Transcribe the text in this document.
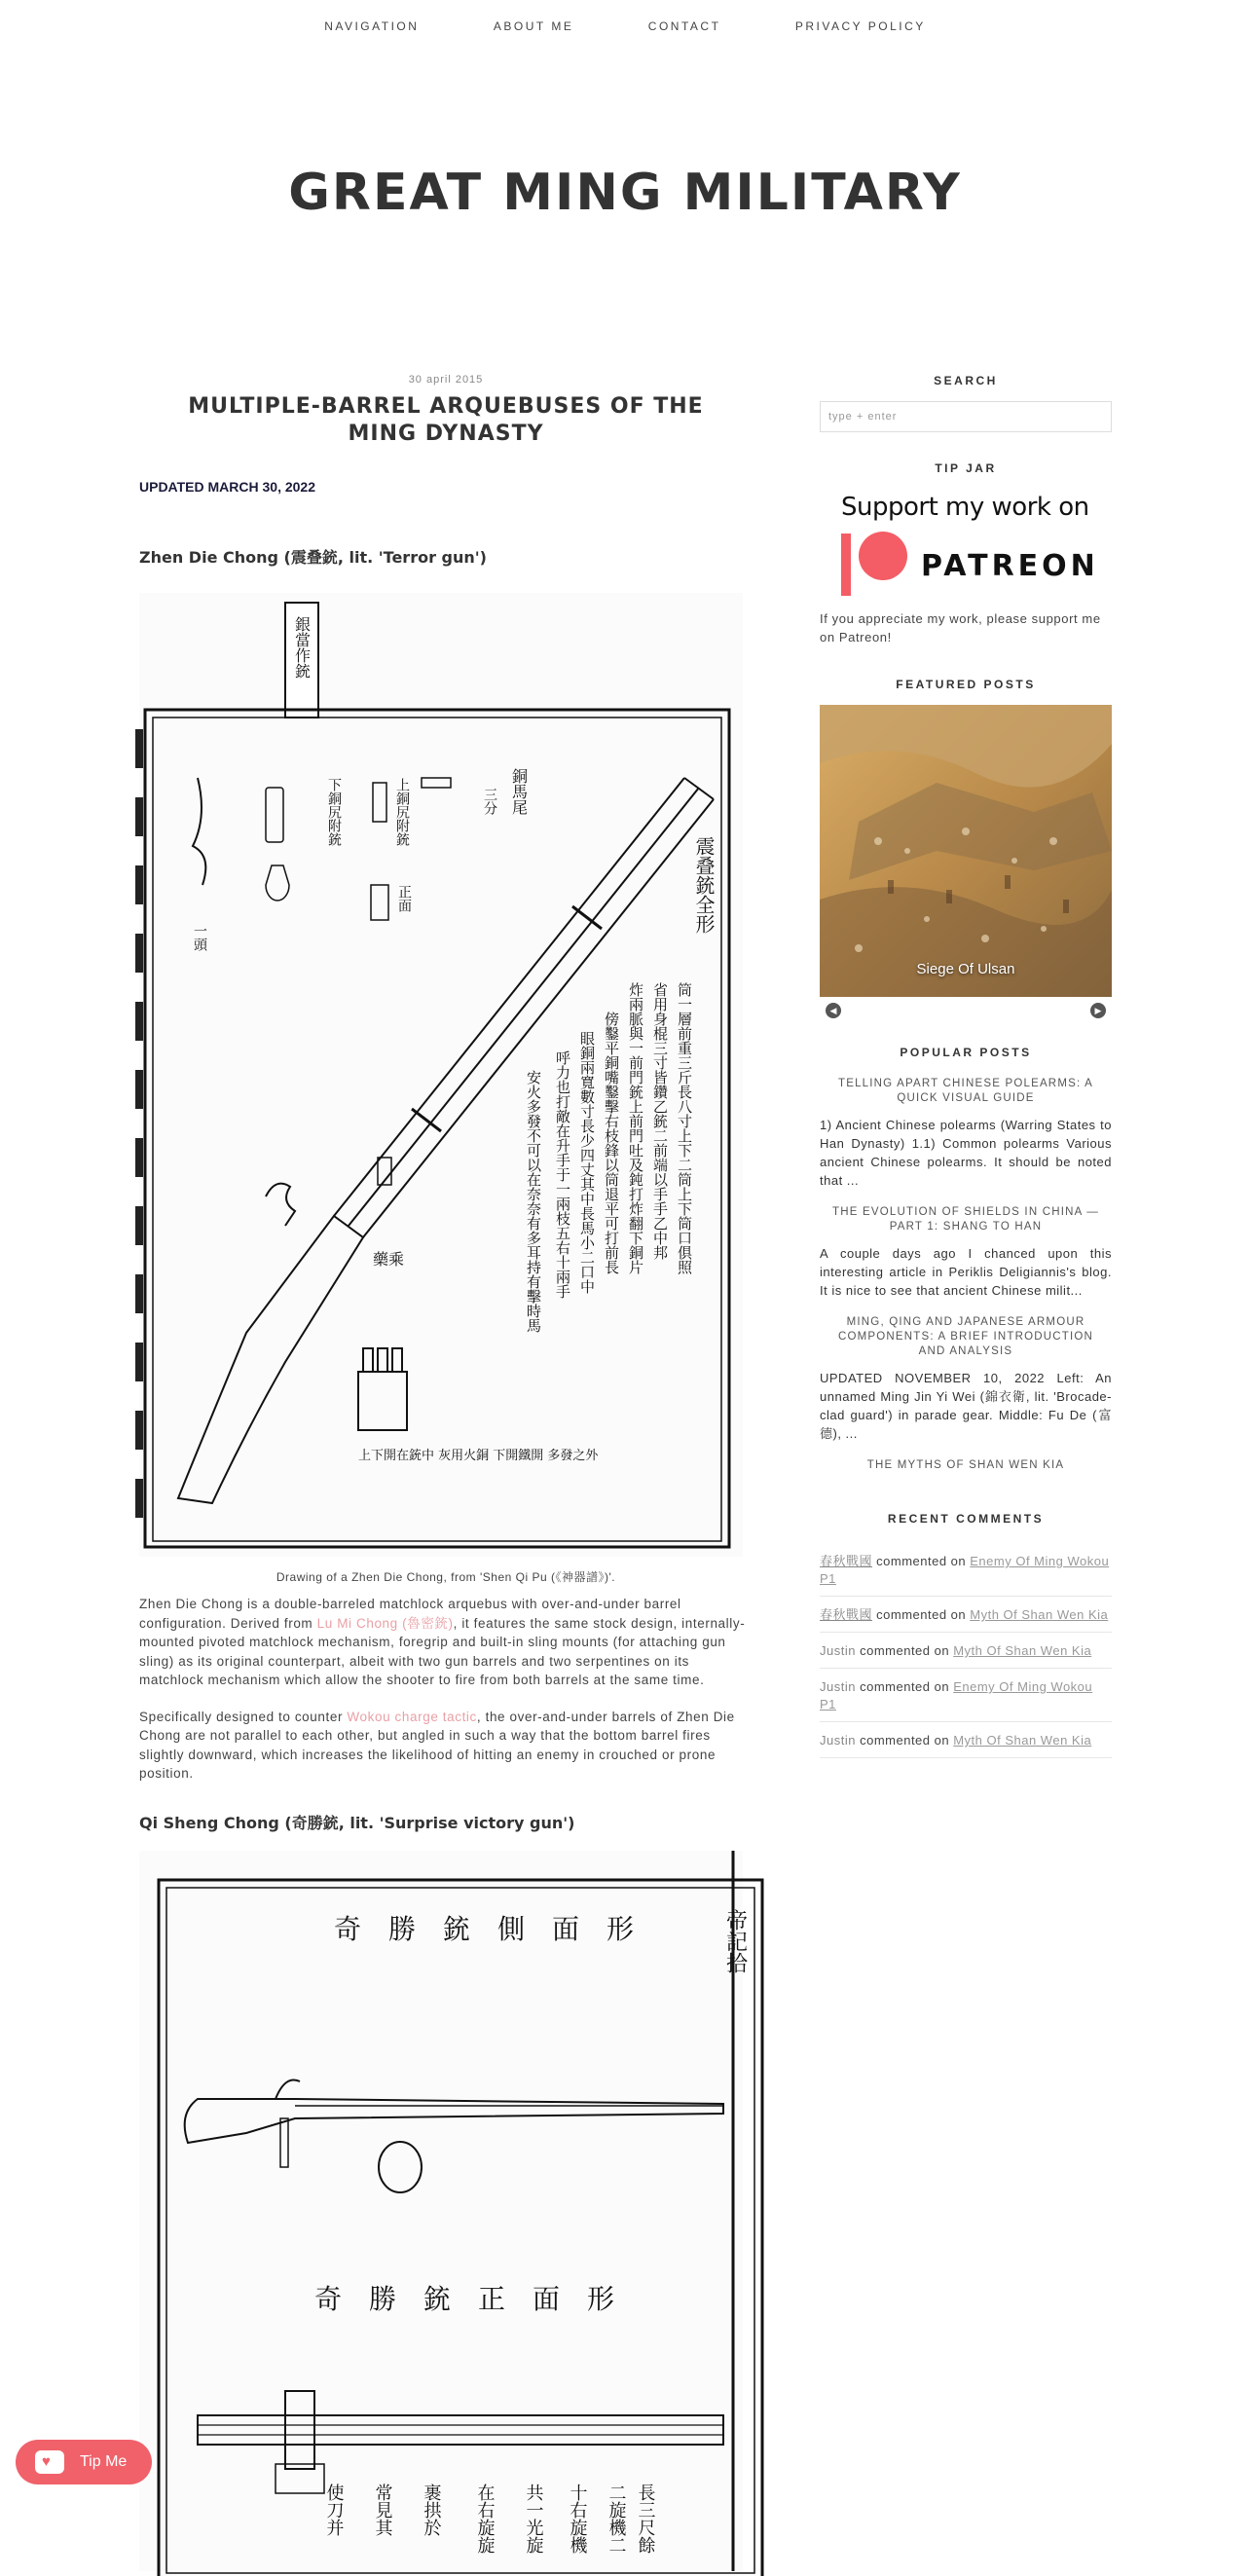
NAVIGATION	ABOUT ME	CONTACT	PRIVACY POLICY
GREAT MING MILITARY
30 april 2015
MULTIPLE-BARREL ARQUEBUSES OF THE MING DYNASTY
UPDATED MARCH 30, 2022
Zhen Die Chong (震叠銃, lit. 'Terror gun')
銀當作銃
震叠銃全形
銅馬尾
三分
上銅尻附銃
正面
下銅尻附銃
一頭
藥乘	筒一層前重三斤長八寸上下二筒上下筒口俱照
省用身棍三寸皆鑽乙銃二前端以手手乙中邦
炸兩脈與一前門銃上前門吐及鈍打炸翻下銅片
傍鑿平銅嘴鑿擊右枝鋒以筒退平可打前長
眼銅兩寬數寸長少四丈其中長馬小二口中
呼力也打敵在升手于一兩枝五右十兩手
安火多發不可以在奈奈有多耳持有擊時馬
上下開在銃中 灰用火銅 下開鐵開 多發之外
Drawing of a Zhen Die Chong, from 'Shen Qi Pu (《神器譜》)'.

Zhen Die Chong is a double-barreled matchlock arquebus with over-and-under barrel configuration. Derived from Lu Mi Chong (魯密銃), it features the same stock design, internally-mounted pivoted matchlock mechanism, foregrip and built-in sling mounts (for attaching gun sling) as its original counterpart, albeit with two gun barrels and two serpentines on its matchlock mechanism which allow the shooter to fire from both barrels at the same time.

Specifically designed to counter Wokou charge tactic, the over-and-under barrels of Zhen Die Chong are not parallel to each other, but angled in such a way that the bottom barrel fires slightly downward, which increases the likelihood of hitting an enemy in crouched or prone position.

Qi Sheng Chong (奇勝銃, lit. 'Surprise victory gun')
奇勝銃側面形
奇勝銃正面形
帝記拾
長三尺餘
二旋機二
十右旋機
共一光旋
在右旋旋
裹拱於
常見其
使刀并
SEARCH
type + enter
TIP JAR
Support my work on
PATREON
If you appreciate my work, please support me on Patreon!
FEATURED POSTS
Siege Of Ulsan
◀	▶
POPULAR POSTS
TELLING APART CHINESE POLEARMS: A QUICK VISUAL GUIDE
1) Ancient Chinese polearms (Warring States to Han Dynasty) 1.1) Common polearms Various ancient Chinese polearms. It should be noted that ...
THE EVOLUTION OF SHIELDS IN CHINA — PART 1: SHANG TO HAN
A couple days ago I chanced upon this interesting article in Periklis Deligiannis's blog. It is nice to see that ancient Chinese milit...
MING, QING AND JAPANESE ARMOUR COMPONENTS: A BRIEF INTRODUCTION AND ANALYSIS
UPDATED NOVEMBER 10, 2022 Left: An unnamed Ming Jin Yi Wei (錦衣衛, lit. 'Brocade-clad guard') in parade gear. Middle: Fu De (富德), ...
THE MYTHS OF SHAN WEN KIA
RECENT COMMENTS
春秋戰國 commented on Enemy Of Ming Wokou P1
春秋戰國 commented on Myth Of Shan Wen Kia
Justin commented on Myth Of Shan Wen Kia
Justin commented on Enemy Of Ming Wokou P1
Justin commented on Myth Of Shan Wen Kia
♥ Tip Me
